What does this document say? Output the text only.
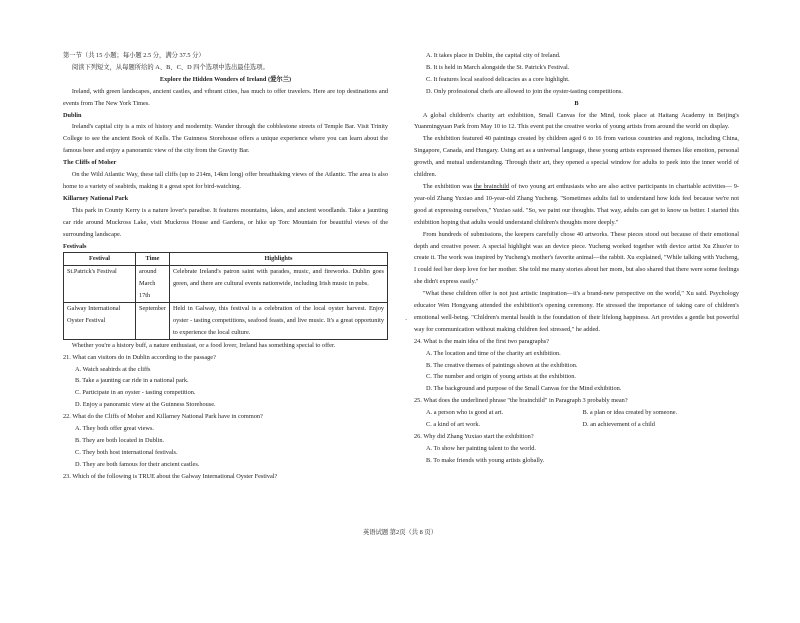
第一节（共 15 小题；每小题 2.5 分，满分 37.5 分）

阅读下列短文，从每题所给的 A、B、C、D 四个选项中选出最佳选项。

Explore the Hidden Wonders of Ireland (爱尔兰)

Ireland, with green landscapes, ancient castles, and vibrant cities, has much to offer travelers. Here are top destinations and events from The New York Times.

Dublin

Ireland's capital city is a mix of history and modernity. Wander through the cobblestone streets of Temple Bar. Visit Trinity College to see the ancient Book of Kells. The Guinness Storehouse offers a unique experience where you can learn about the famous beer and enjoy a panoramic view of the city from the Gravity Bar.

The Cliffs of Moher

On the Wild Atlantic Way, these tall cliffs (up to 214m, 14km long) offer breathtaking views of the Atlantic. The area is also home to a variety of seabirds, making it a great spot for bird-watching.

Killarney National Park

This park in County Kerry is a nature lover's paradise. It features mountains, lakes, and ancient woodlands. Take a jaunting car ride around Muckross Lake, visit Muckross House and Gardens, or hike up Torc Mountain for beautiful views of the surrounding landscape.

Festivals

Festival	Time	Highlights
St.Patrick's Festival	around March 17th	Celebrate Ireland's patron saint with parades, music, and fireworks. Dublin goes green, and there are cultural events nationwide, including Irish music in pubs.
Galway International Oyster Festival	September	Held in Galway, this festival is a celebration of the local oyster harvest. Enjoy oyster - tasting competitions, seafood feasts, and live music. It's a great opportunity to experience the local culture.

Whether you're a history buff, a nature enthusiast, or a food lover, Ireland has something special to offer.

21. What can visitors do in Dublin according to the passage?

A. Watch seabirds at the cliffs

B. Take a jaunting car ride in a national park.

C. Participate in an oyster - tasting competition.

D. Enjoy a panoramic view at the Guinness Storehouse.

22. What do the Cliffs of Moher and Killarney National Park have in common?

A. They both offer great views.

B. They are both located in Dublin.

C. They both host international festivals.

D. They are both famous for their ancient castles.

23. Which of the following is TRUE about the Galway International Oyster Festival?

`

A. It takes place in Dublin, the capital city of Ireland.

B. It is held in March alongside the St. Patrick's Festival.

C. It features local seafood delicacies as a core highlight.

D. Only professional chefs are allowed to join the oyster-tasting competitions.

B

A global children's charity art exhibition, Small Canvas for the Mind, took place at Haitang Academy in Beijing's Yuanmingyuan Park from May 10 to 12. This event put the creative works of young artists from around the world on display.

The exhibition featured 40 paintings created by children aged 6 to 16 from various countries and regions, including China, Singapore, Canada, and Hungary. Using art as a universal language, these young artists expressed themes like emotion, personal growth, and mutual understanding. Through their art, they opened a special window for adults to peek into the inner world of children.

The exhibition was the brainchild of two young art enthusiasts who are also active participants in charitable activities— 9-year-old Zhang Yuxiao and 10-year-old Zhang Yucheng. "Sometimes adults fail to understand how kids feel because we're not good at expressing ourselves," Yuxiao said. "So, we paint our thoughts. That way, adults can get to know us better. I started this exhibition hoping that adults would understand children's thoughts more deeply."

From hundreds of submissions, the keepers carefully chose 40 artworks. These pieces stood out because of their emotional depth and creative power. A special highlight was an device piece. Yucheng worked together with device artist Xu Zhuo'er to create it. The work was inspired by Yucheng's mother's favorite animal—the rabbit. Xu explained, "While talking with Yucheng, I could feel her deep love for her mother. She told me many stories about her mom, but also shared that there were some feelings she didn't express easily."

"What these children offer is not just artistic inspiration—it's a brand-new perspective on the world," Xu said. Psychology educator Wen Hongyang attended the exhibition's opening ceremony. He stressed the importance of taking care of children's emotional well-being. "Children's mental health is the foundation of their lifelong happiness. Art provides a gentle but powerful way for communication without making children feel stressed," he added.

24. What is the main idea of the first two paragraphs?

A. The location and time of the charity art exhibition.

B. The creative themes of paintings shown at the exhibition.

C. The number and origin of young artists at the exhibition.

D. The background and purpose of the Small Canvas for the Mind exhibition.

25. What does the underlined phrase "the brainchild" in Paragraph 3 probably mean?

A. a person who is good at art.	B. a plan or idea created by someone.
C. a kind of art work.	D. an achievement of a child

26. Why did Zhang Yuxiao start the exhibition?

A. To show her painting talent to the world.

B. To make friends with young artists globally.

英语试题 第2页（共 8 页）
